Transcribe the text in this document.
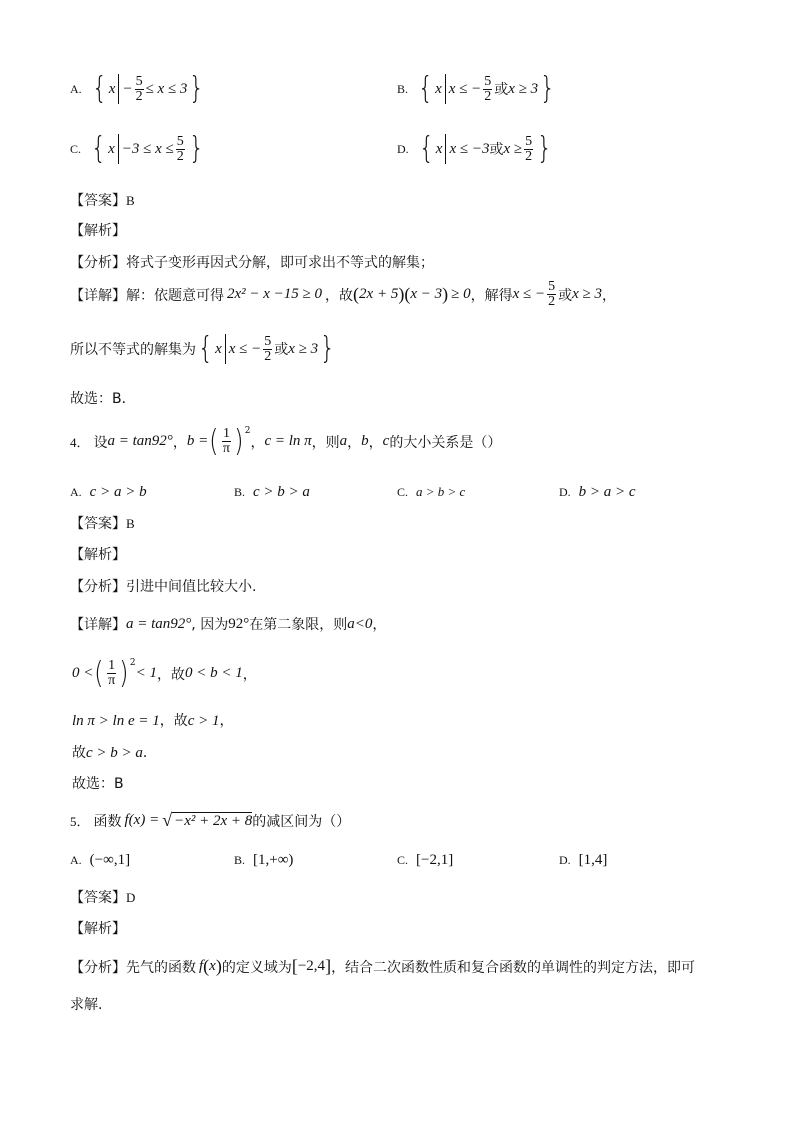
A. { $x - \frac{5}{2} \le x \le 3$ }	B. { x x ≤ − $\frac{5}{2}$ 或 x ≥ 3 }
C. { $x -3 \le x \le \frac{5}{2}$ }	D. { x x ≤ −3 或 $x \ge \frac{5}{2}$ }
【答案】B
【解析】
【分析】将式子变形再因式分解，即可求出不等式的解集；
【详解】 解：依题意可得 2x² − x −15 ≥ 0 ，故 ( 2x + 5 ) ( x − 3 ) ≥ 0 ，解得 x ≤ − $\frac{5}{2}$ 或 x ≥ 3 ，
所以不等式的解集为 { x x ≤ − $\frac{5}{2}$ 或 x ≥ 3 }
故选：B．
4． 设 a = tan92° ， b = ( $\frac{1}{\pi} )^2$
， c = ln π ，则 a ， b ， c 的大小关系是（）
A. c > a > b	B. c > b > a	C. a > b > c	D. b > a > c
【答案】B
【解析】
【分析】引进中间值比较大小.
【详解】 a = tan92° , 因为 92° 在第二象限，则 a<0 ，
0 < ( $\frac{1}{\pi} )^2$
< 1 ，故 0 < b < 1 ，
ln π > ln e = 1，故c > 1，
故c > b > a．
故选：B
5． 函数 f(x) = √ −x² + 2x + 8 的减区间为（）
A. (−∞,1]	B. [1,+∞)	C. [−2,1]	D. [1,4]
【答案】D
【解析】
【分析】 先气的函数 f ( x ) 的定义域为 [ −2,4 ] ，结合二次函数性质和复合函数的单调性的判定方法，即可
求解.
